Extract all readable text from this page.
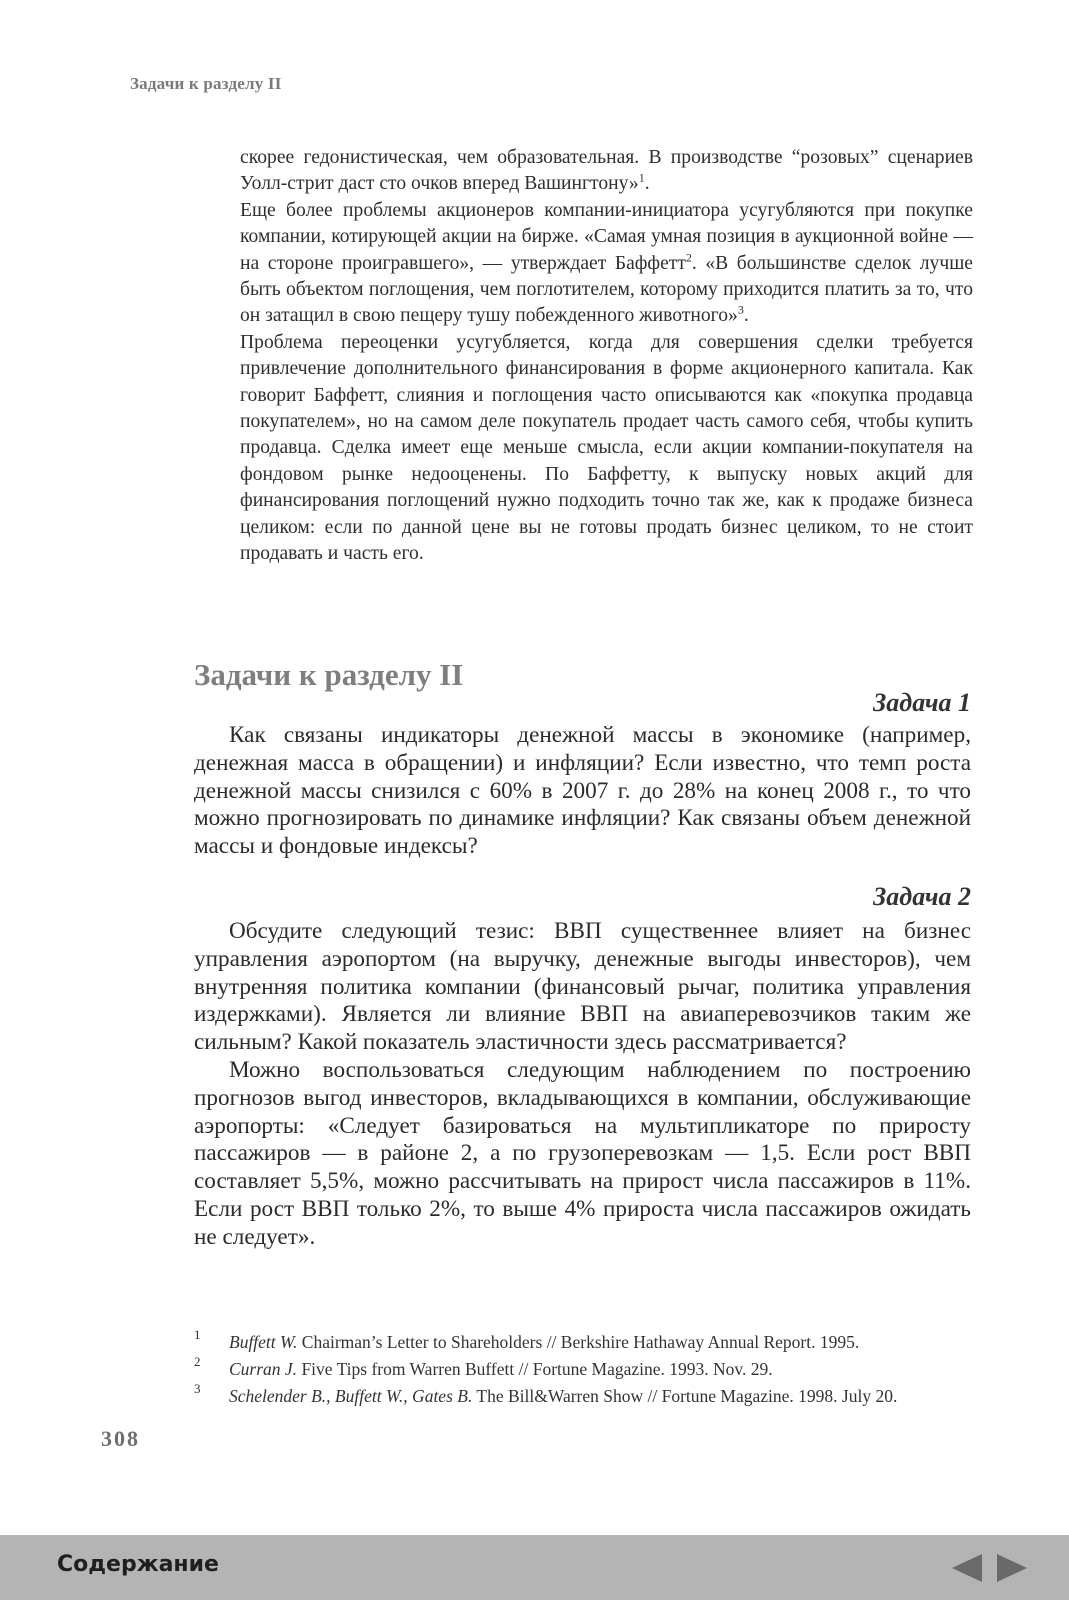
Задачи к разделу II

скорее гедонистическая, чем образовательная. В производстве “розовых” сценариев Уолл-стрит даст сто очков вперед Вашингтону»$^1$.

Еще более проблемы акционеров компании-инициатора усугубляются при покупке компании, котирующей акции на бирже. «Самая умная позиция в аукционной войне — на стороне проигравшего», — утверждает Баффетт$^2$. «В большинстве сделок лучше быть объектом поглощения, чем поглотителем, которому приходится платить за то, что он затащил в свою пещеру тушу побежденного животного»$^3$.

Проблема переоценки усугубляется, когда для совершения сделки требуется привлечение дополнительного финансирования в форме акционерного капитала. Как говорит Баффетт, слияния и поглощения часто описываются как «покупка продавца покупателем», но на самом деле покупатель продает часть самого себя, чтобы купить продавца. Сделка имеет еще меньше смысла, если акции компании-покупателя на фондовом рынке недооценены. По Баффетту, к выпуску новых акций для финансирования поглощений нужно подходить точно так же, как к продаже бизнеса целиком: если по данной цене вы не готовы продать бизнес целиком, то не стоит продавать и часть его.

Задачи к разделу II
Задача 1

Как связаны индикаторы денежной массы в экономике (например, денежная масса в обращении) и инфляции? Если известно, что темп роста денежной массы снизился с 60% в 2007 г. до 28% на конец 2008 г., то что можно прогнозировать по динамике инфляции? Как связаны объем денежной массы и фондовые индексы?

Задача 2

Обсудите следующий тезис: ВВП существеннее влияет на бизнес управления аэропортом (на выручку, денежные выгоды инвесторов), чем внутренняя политика компании (финансовый рычаг, политика управления издержками). Является ли влияние ВВП на авиаперевозчиков таким же сильным? Какой показатель эластичности здесь рассматривается?

Можно воспользоваться следующим наблюдением по построению прогнозов выгод инвесторов, вкладывающихся в компании, обслуживающие аэропорты: «Следует базироваться на мультипликаторе по приросту пассажиров — в районе 2, а по грузоперевозкам — 1,5. Если рост ВВП составляет 5,5%, можно рассчитывать на прирост числа пассажиров в 11%. Если рост ВВП только 2%, то выше 4% прироста числа пассажиров ожидать не следует».

1 Buffett W. Chairman’s Letter to Shareholders // Berkshire Hathaway Annual Report. 1995.
2 Curran J. Five Tips from Warren Buffett // Fortune Magazine. 1993. Nov. 29.
3 Schelender B., Buffett W., Gates B. The Bill&Warren Show // Fortune Magazine. 1998. July 20.
308
Содержание
